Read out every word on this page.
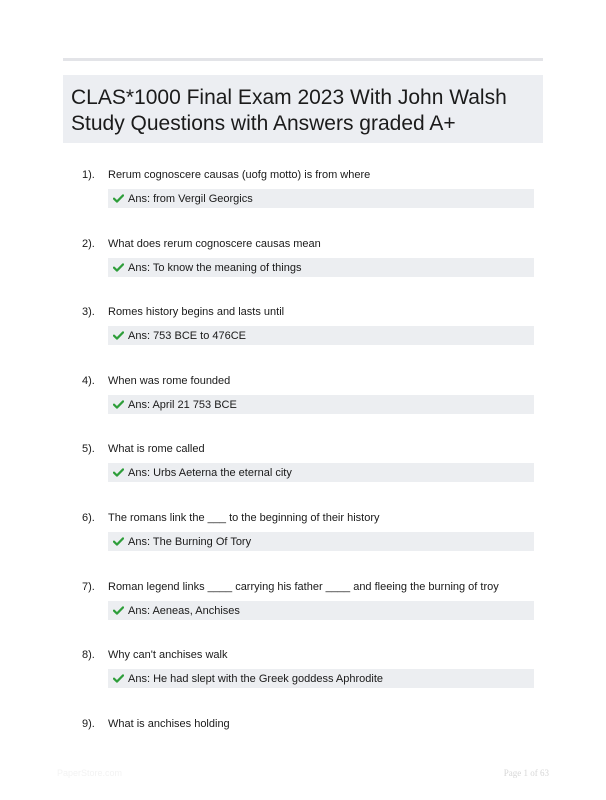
CLAS*1000 Final Exam 2023 With John Walsh
Study Questions with Answers graded A+
1). Rerum cognoscere causas (uofg motto) is from where
Ans: from Vergil Georgics
2). What does rerum cognoscere causas mean
Ans: To know the meaning of things
3). Romes history begins and lasts until
Ans: 753 BCE to 476CE
4). When was rome founded
Ans: April 21 753 BCE
5). What is rome called
Ans: Urbs Aeterna the eternal city
6). The romans link the ___ to the beginning of their history
Ans: The Burning Of Tory
7). Roman legend links ____ carrying his father ____ and fleeing the burning of troy
Ans: Aeneas, Anchises
8). Why can't anchises walk
Ans: He had slept with the Greek goddess Aphrodite
9). What is anchises holding
PaperStore.com	Page 1 of 63
